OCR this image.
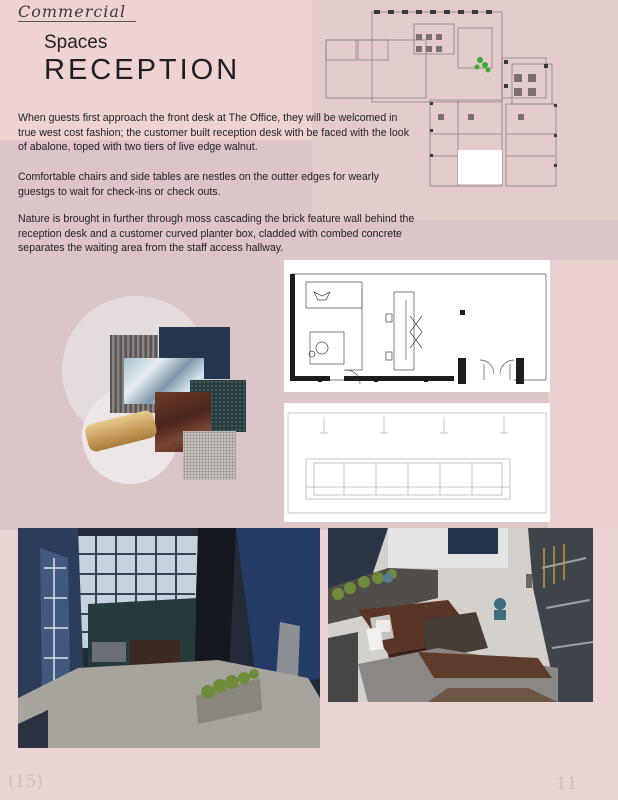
Commercial
Spaces
RECEPTION

When guests first approach the front desk at The Office, they will be welcomed in true west cost fashion; the customer built reception desk with be faced with the look of abalone, toped with two tiers of live edge walnut.

Comfortable chairs and side tables are nestles on the outter edges for wearly guestgs to wait for check-ins or check outs.

Nature is brought in further through moss cascading the brick feature wall behind the reception desk and a customer curved planter box, cladded with combed concrete separates the waiting area from the staff access hallway.

(15)	11
